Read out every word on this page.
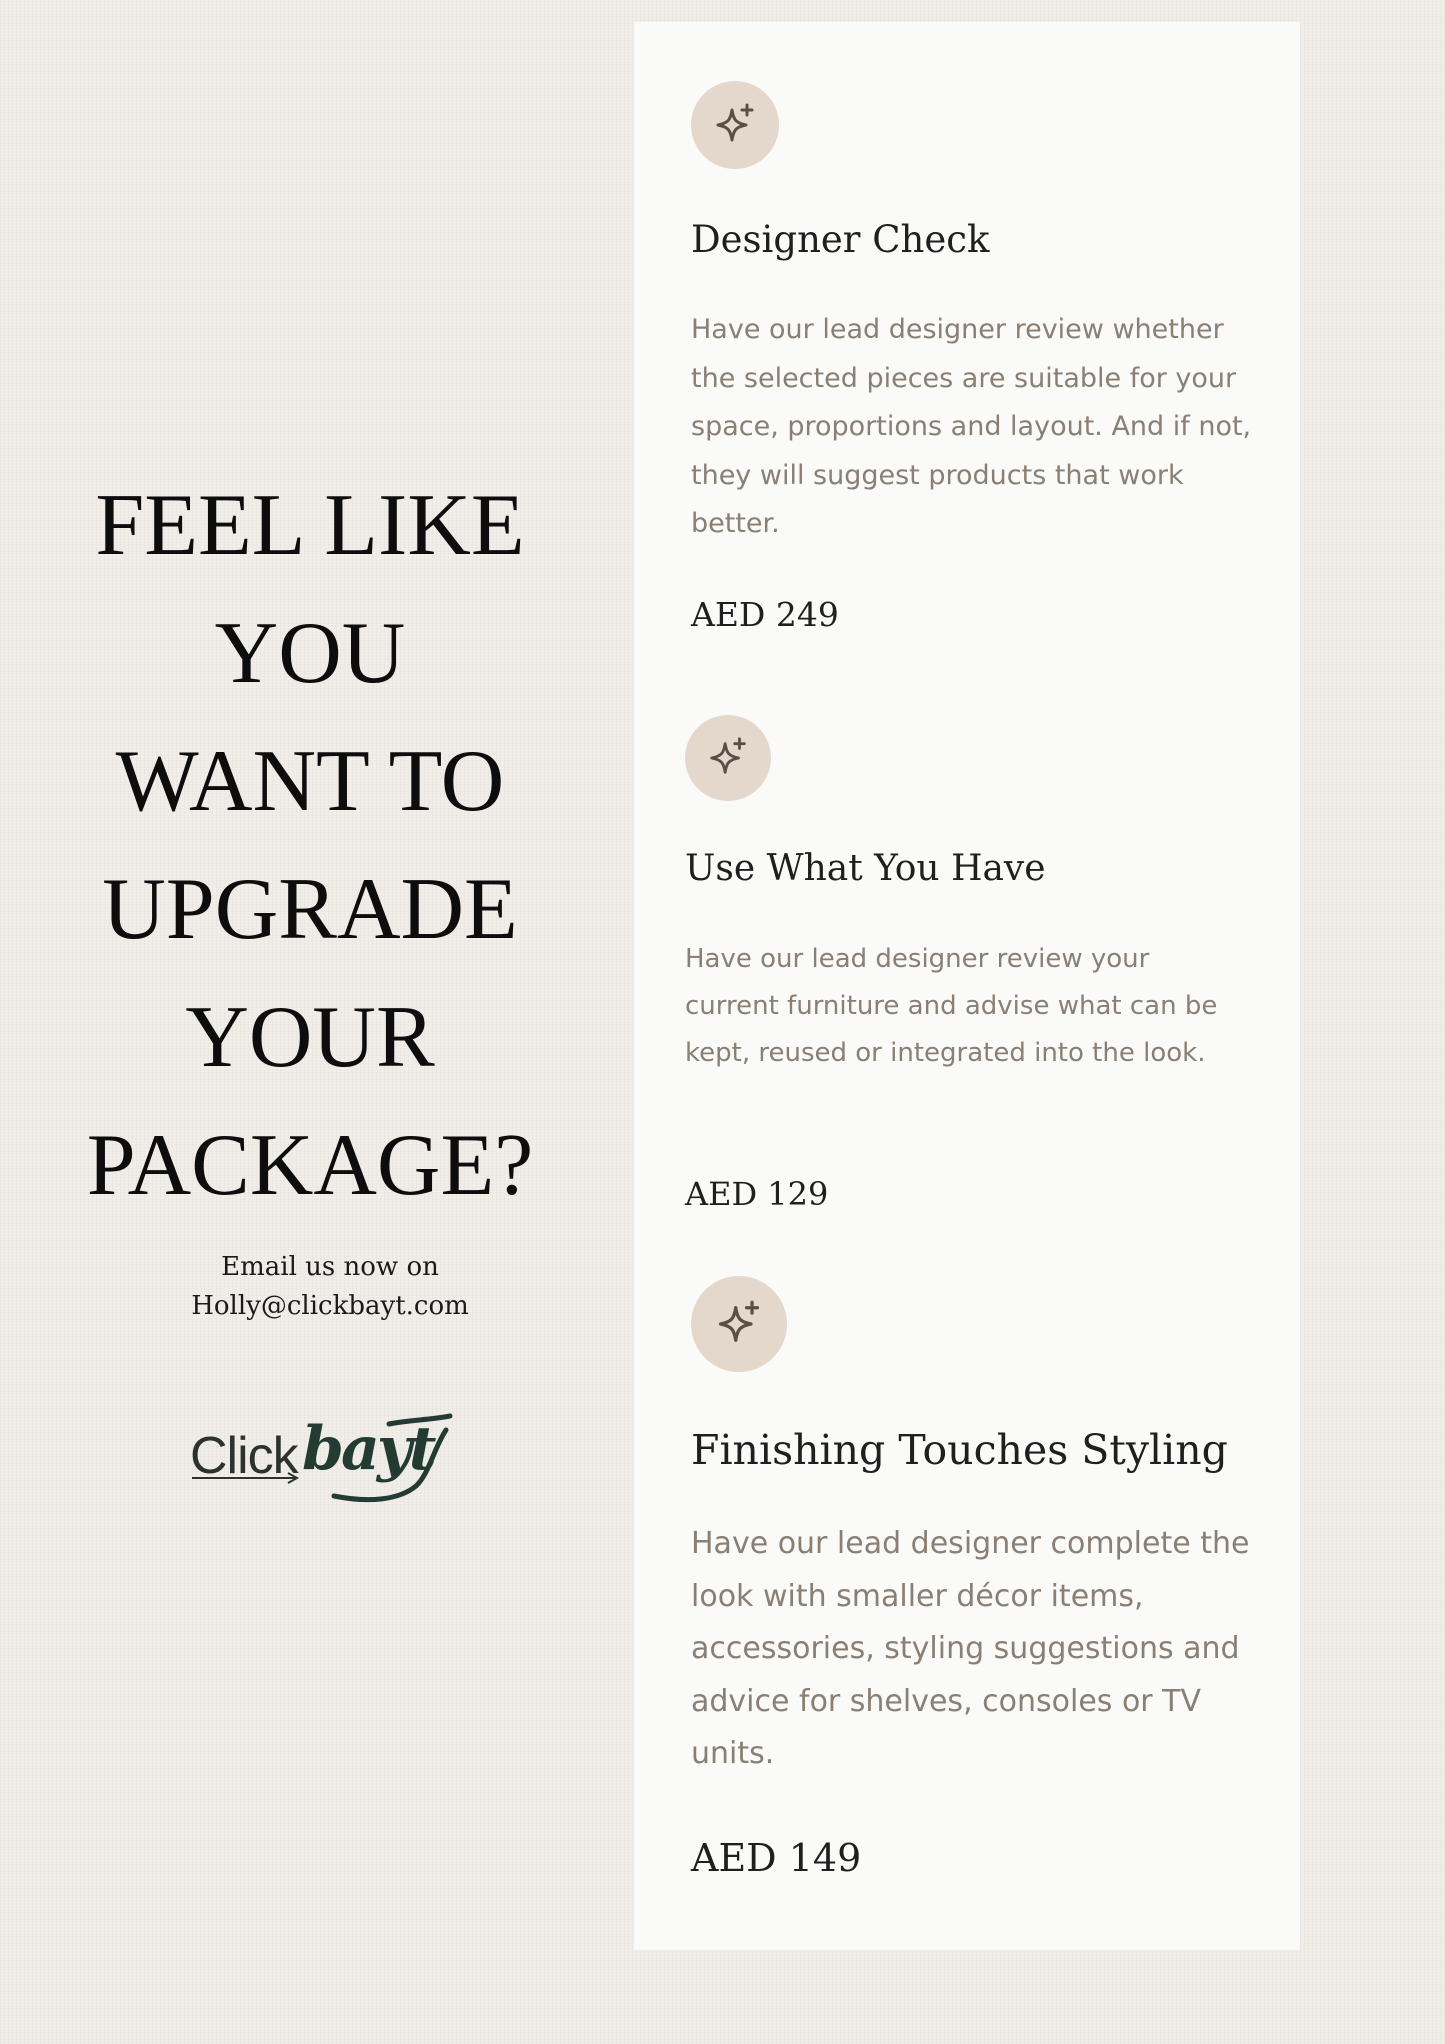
FEEL LIKE
YOU
WANT TO
UPGRADE
YOUR
PACKAGE?
Email us now on
Holly@clickbayt.com
Click bayt
Designer Check

Have our lead designer review whether the selected pieces are suitable for your space, proportions and layout. And if not, they will suggest products that work better.

AED 249

Use What You Have

Have our lead designer review your current furniture and advise what can be kept, reused or integrated into the look.

AED 129

Finishing Touches Styling

Have our lead designer complete the look with smaller décor items, accessories, styling suggestions and advice for shelves, consoles or TV units.

AED 149
